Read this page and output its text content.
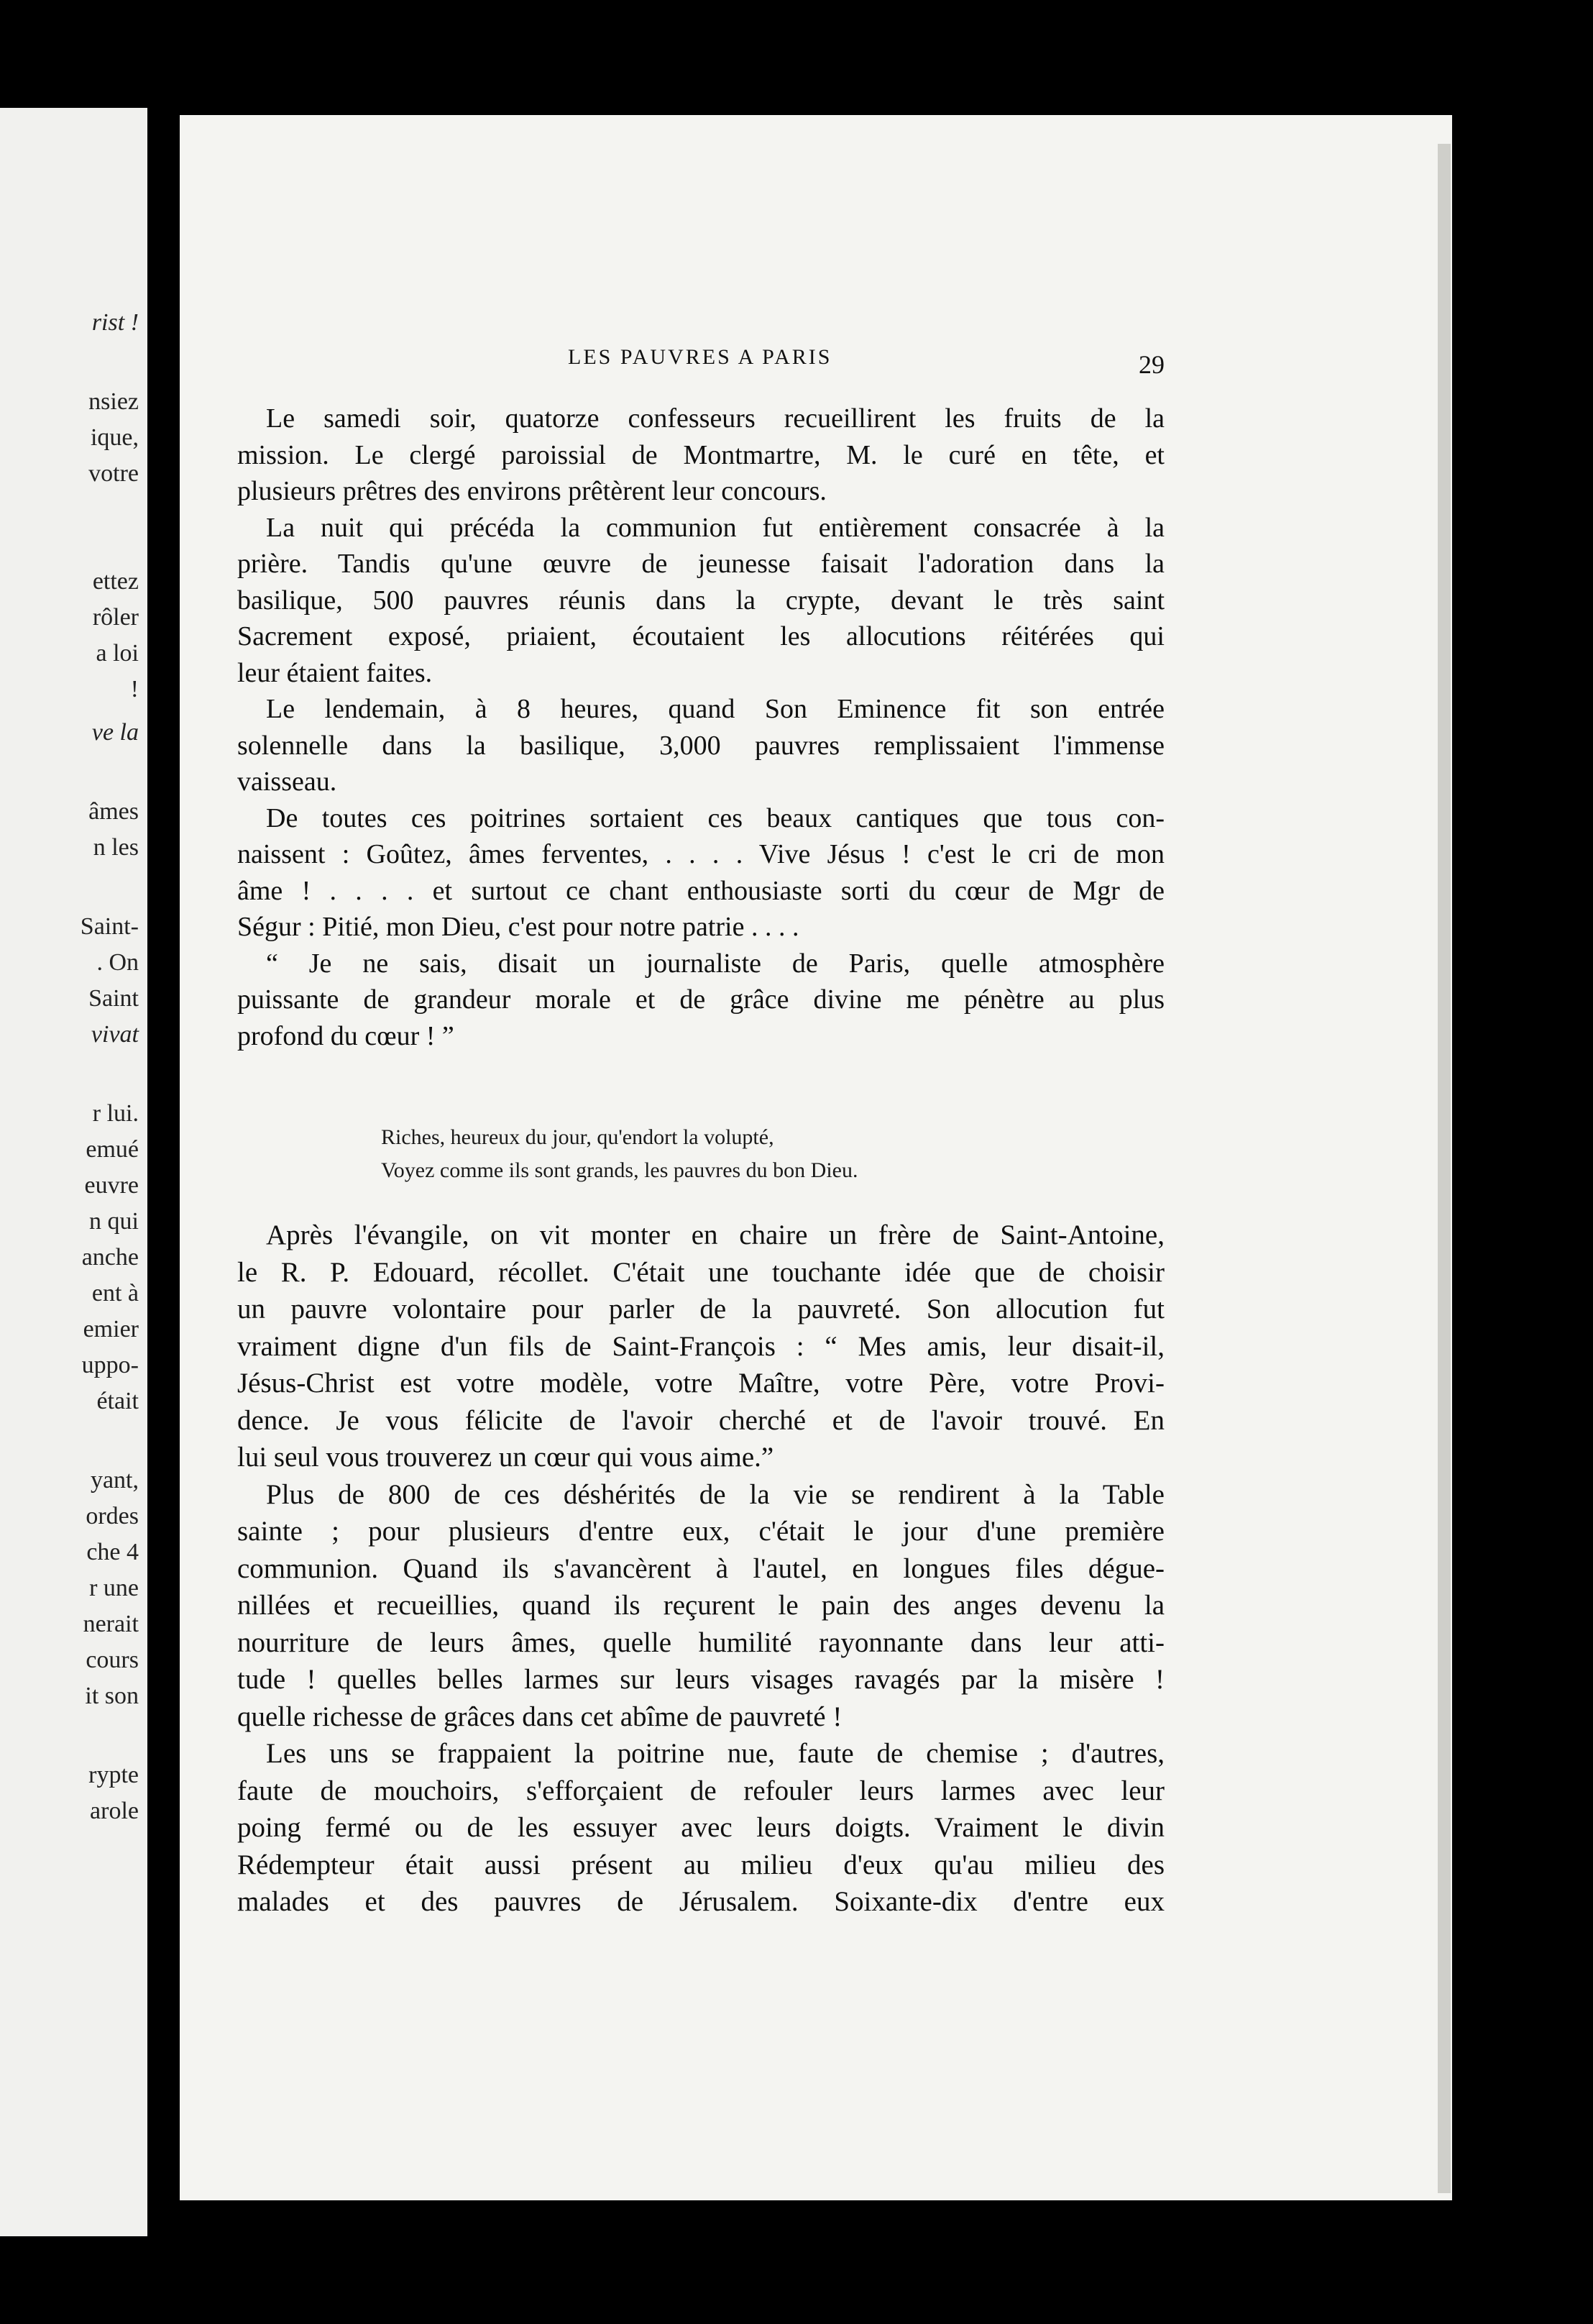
rist !
nsiez
ique,
votre
ettez
rôler
a loi
!
ve la
âmes
n les
Saint-
. On
Saint
vivat
r lui.
emué
euvre
n qui
anche
ent à
emier
uppo-
était
yant,
ordes
che 4
r une
nerait
cours
it son
rypte
arole
LES PAUVRES A PARIS	29
Le samedi soir, quatorze confesseurs recueillirent les fruits de la
mission. Le clergé paroissial de Montmartre, M. le curé en tête, et
plusieurs prêtres des environs prêtèrent leur concours.
La nuit qui précéda la communion fut entièrement consacrée à la
prière. Tandis qu'une œuvre de jeunesse faisait l'adoration dans la
basilique, 500 pauvres réunis dans la crypte, devant le très saint
Sacrement exposé, priaient, écoutaient les allocutions réitérées qui
leur étaient faites.
Le lendemain, à 8 heures, quand Son Eminence fit son entrée
solennelle dans la basilique, 3,000 pauvres remplissaient l'immense
vaisseau.
De toutes ces poitrines sortaient ces beaux cantiques que tous con-
naissent : Goûtez, âmes ferventes, . . . . Vive Jésus ! c'est le cri de mon
âme ! . . . . et surtout ce chant enthousiaste sorti du cœur de Mgr de
Ségur : Pitié, mon Dieu, c'est pour notre patrie . . . .
“ Je ne sais, disait un journaliste de Paris, quelle atmosphère
puissante de grandeur morale et de grâce divine me pénètre au plus
profond du cœur ! ”
Riches, heureux du jour, qu'endort la volupté,
Voyez comme ils sont grands, les pauvres du bon Dieu.
Après l'évangile, on vit monter en chaire un frère de Saint-Antoine,
le R. P. Edouard, récollet. C'était une touchante idée que de choisir
un pauvre volontaire pour parler de la pauvreté. Son allocution fut
vraiment digne d'un fils de Saint-François : “ Mes amis, leur disait-il,
Jésus-Christ est votre modèle, votre Maître, votre Père, votre Provi-
dence. Je vous félicite de l'avoir cherché et de l'avoir trouvé. En
lui seul vous trouverez un cœur qui vous aime.”
Plus de 800 de ces déshérités de la vie se rendirent à la Table
sainte ; pour plusieurs d'entre eux, c'était le jour d'une première
communion. Quand ils s'avancèrent à l'autel, en longues files dégue-
nillées et recueillies, quand ils reçurent le pain des anges devenu la
nourriture de leurs âmes, quelle humilité rayonnante dans leur atti-
tude ! quelles belles larmes sur leurs visages ravagés par la misère !
quelle richesse de grâces dans cet abîme de pauvreté !
Les uns se frappaient la poitrine nue, faute de chemise ; d'autres,
faute de mouchoirs, s'efforçaient de refouler leurs larmes avec leur
poing fermé ou de les essuyer avec leurs doigts. Vraiment le divin
Rédempteur était aussi présent au milieu d'eux qu'au milieu des
malades et des pauvres de Jérusalem. Soixante-dix d'entre eux
